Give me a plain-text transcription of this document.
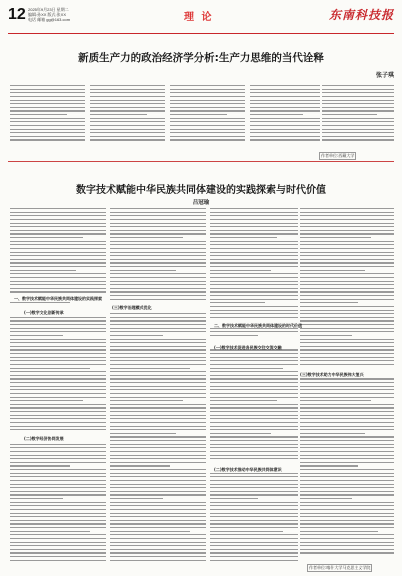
12 2025年9月23日 星期二
编辑:孙XX 版式:张XX
电话 邮箱 gg@163.com	理 论	东南科技报
新质生产力的政治经济学分析:生产力思维的当代诠释
张子琪
作者单位:西藏大学
数字技术赋能中华民族共同体建设的实践探索与时代价值
吕冠瑜
一、数字技术赋能中华民族共同体建设的实践探索
(一)数字文化创新传承
(二)数字经济协同发展
(三)数字治理模式优化
二、数字技术赋能中华民族共同体建设的时代价值
(一)数字技术促进各民族交往交流交融
(二)数字技术推动中华民族共同体意识
(三)数字技术助力中华民族伟大复兴
作者单位:喀什大学马克思主义学院
